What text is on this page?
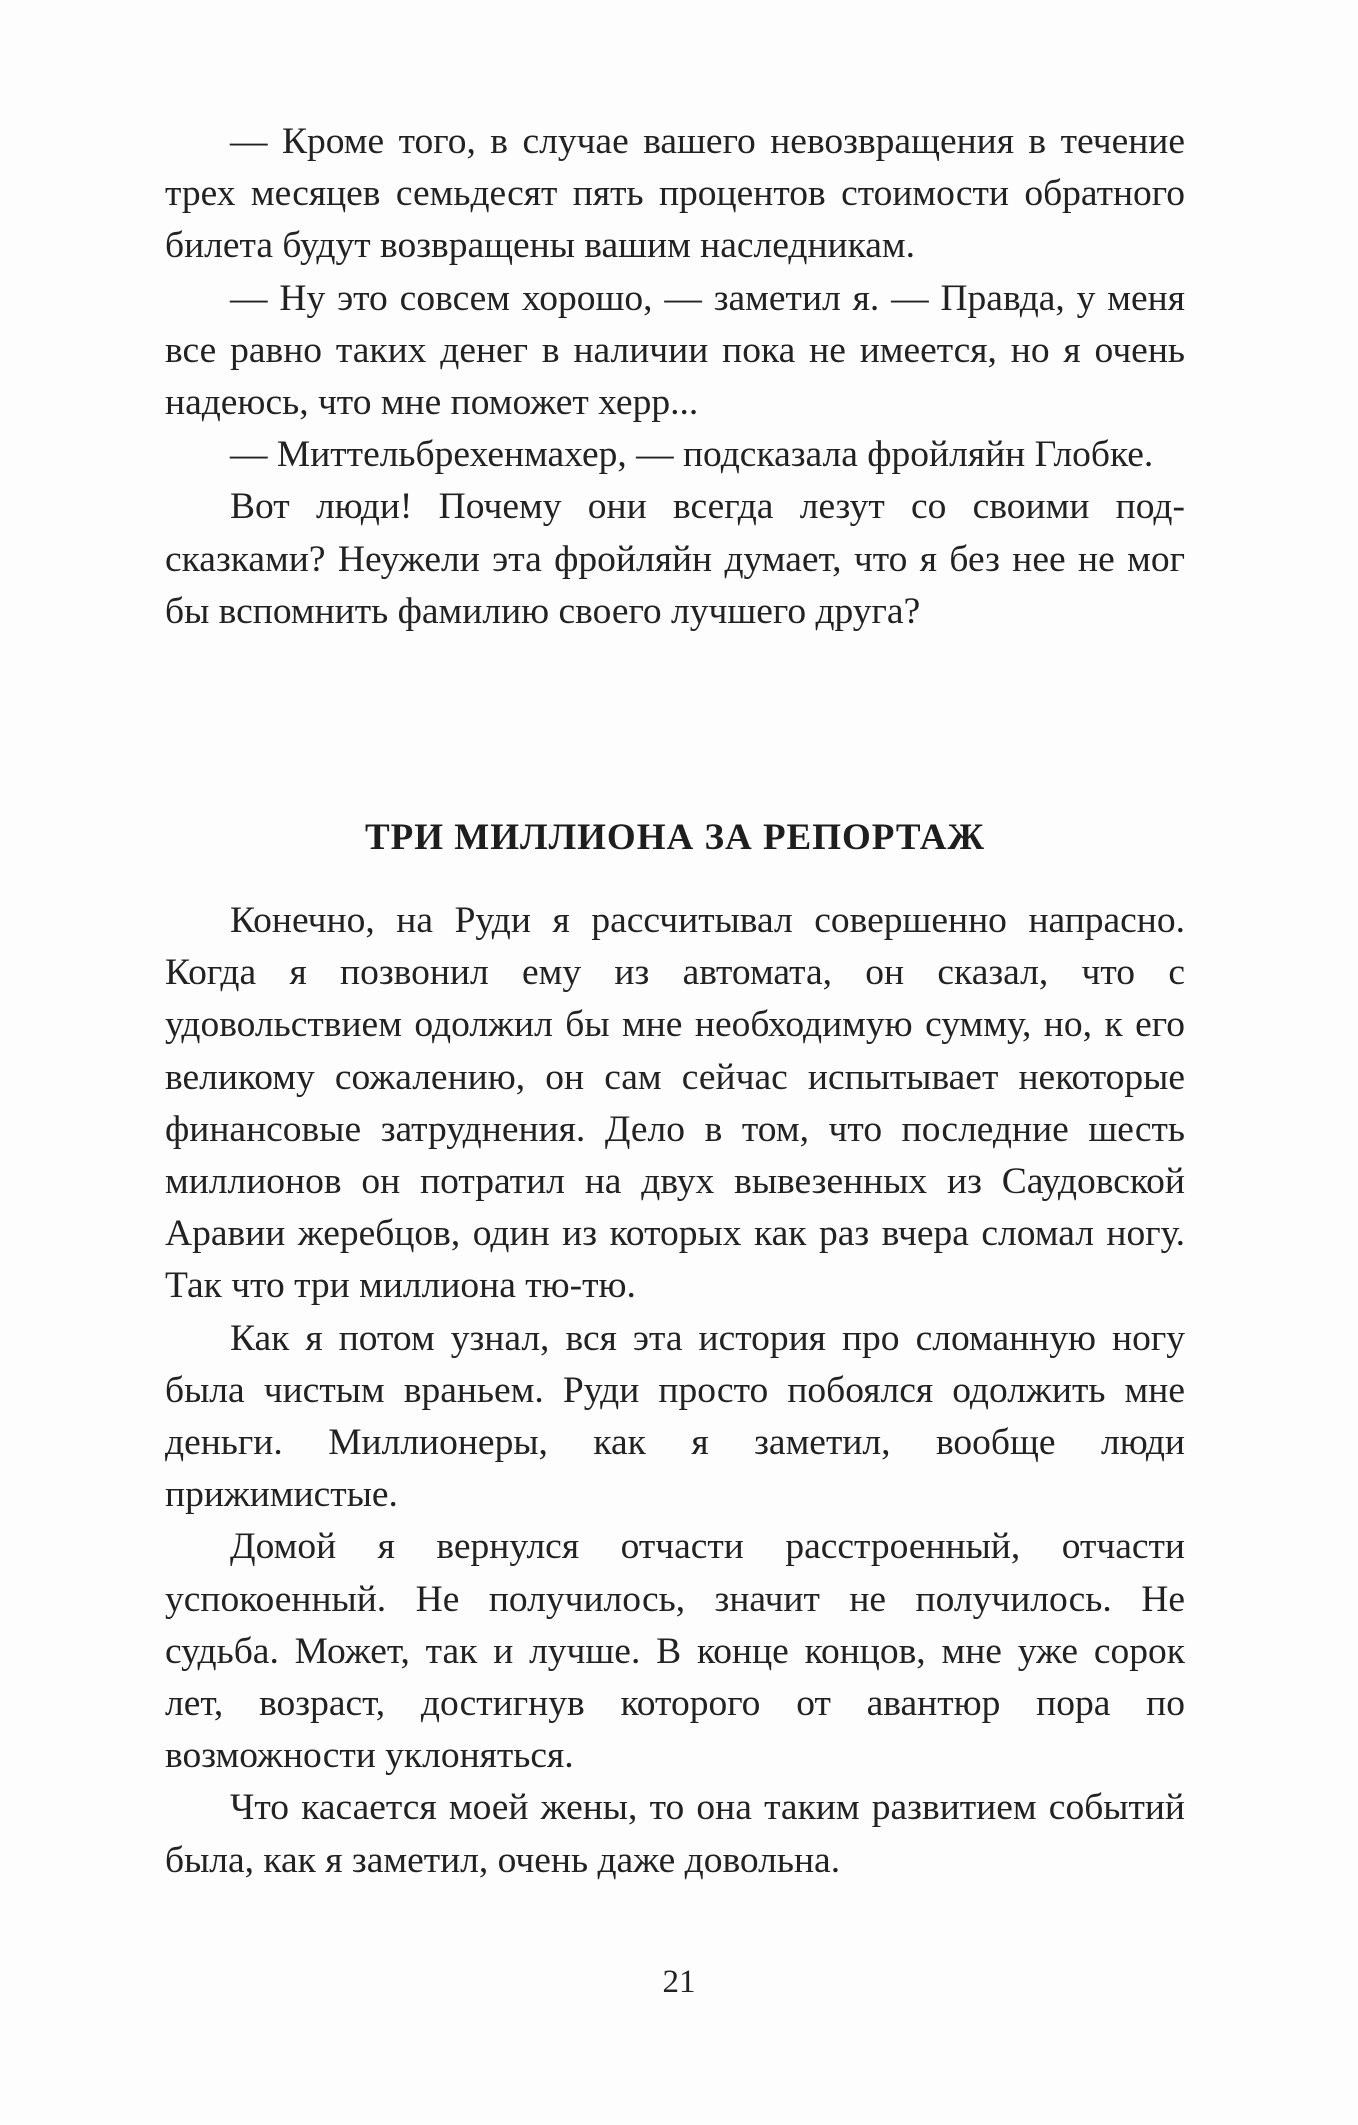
— Кроме того, в случае вашего невозвращения в течение трех месяцев семьдесят пять процентов стоимости обратного билета будут возвращены вашим наследникам.

— Ну это совсем хорошо, — заметил я. — Правда, у меня все равно таких денег в наличии пока не имеется, но я очень надеюсь, что мне поможет херр...

— Миттельбрехенмахер, — подсказала фройляйн Глобке.

Вот люди! Почему они всегда лезут со своими подсказками? Неужели эта фройляйн думает, что я без нее не мог бы вспомнить фамилию своего лучшего друга?

ТРИ МИЛЛИОНА ЗА РЕПОРТАЖ

Конечно, на Руди я рассчитывал совершенно напрасно. Когда я позвонил ему из автомата, он сказал, что с удовольствием одолжил бы мне необходимую сумму, но, к его великому сожалению, он сам сейчас испытывает некоторые финансовые затруднения. Дело в том, что последние шесть миллионов он потратил на двух вывезенных из Саудовской Аравии жеребцов, один из которых как раз вчера сломал ногу. Так что три миллиона тю-тю.

Как я потом узнал, вся эта история про сломанную ногу была чистым враньем. Руди просто побоялся одолжить мне деньги. Миллионеры, как я заметил, вообще люди прижимистые.

Домой я вернулся отчасти расстроенный, отчасти успокоенный. Не получилось, значит не получилось. Не судьба. Может, так и лучше. В конце концов, мне уже сорок лет, возраст, достигнув которого от авантюр пора по возможности уклоняться.

Что касается моей жены, то она таким развитием событий была, как я заметил, очень даже довольна.

21
